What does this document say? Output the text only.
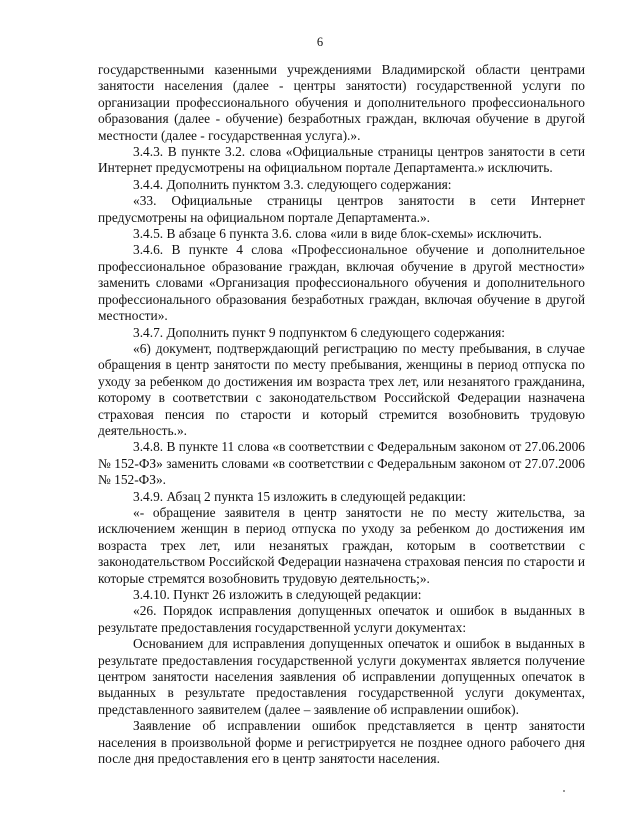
6

государственными казенными учреждениями Владимирской области центрами занятости населения (далее - центры занятости) государственной услуги по организации профессионального обучения и дополнительного профессионального образования (далее - обучение) безработных граждан, включая обучение в другой местности (далее - государственная услуга).».

3.4.3. В пункте 3.2. слова «Официальные страницы центров занятости в сети Интернет предусмотрены на официальном портале Департамента.» исключить.

3.4.4. Дополнить пунктом 3.3. следующего содержания:

«33. Официальные страницы центров занятости в сети Интернет предусмотрены на официальном портале Департамента.».

3.4.5. В абзаце 6 пункта 3.6. слова «или в виде блок-схемы» исключить.

3.4.6. В пункте 4 слова «Профессиональное обучение и дополнительное профессиональное образование граждан, включая обучение в другой местности» заменить словами «Организация профессионального обучения и дополнительного профессионального образования безработных граждан, включая обучение в другой местности».

3.4.7. Дополнить пункт 9 подпунктом 6 следующего содержания:

«6) документ, подтверждающий регистрацию по месту пребывания, в случае обращения в центр занятости по месту пребывания, женщины в период отпуска по уходу за ребенком до достижения им возраста трех лет, или незанятого гражданина, которому в соответствии с законодательством Российской Федерации назначена страховая пенсия по старости и который стремится возобновить трудовую деятельность.».

3.4.8. В пункте 11 слова «в соответствии с Федеральным законом от 27.06.2006 № 152-ФЗ» заменить словами «в соответствии с Федеральным законом от 27.07.2006 № 152-ФЗ».

3.4.9. Абзац 2 пункта 15 изложить в следующей редакции:

«- обращение заявителя в центр занятости не по месту жительства, за исключением женщин в период отпуска по уходу за ребенком до достижения им возраста трех лет, или незанятых граждан, которым в соответствии с законодательством Российской Федерации назначена страховая пенсия по старости и которые стремятся возобновить трудовую деятельность;».

3.4.10. Пункт 26 изложить в следующей редакции:

«26. Порядок исправления допущенных опечаток и ошибок в выданных в результате предоставления государственной услуги документах:

Основанием для исправления допущенных опечаток и ошибок в выданных в результате предоставления государственной услуги документах является получение центром занятости населения заявления об исправлении допущенных опечаток в выданных в результате предоставления государственной услуги документах, представленного заявителем (далее – заявление об исправлении ошибок).

Заявление об исправлении ошибок представляется в центр занятости населения в произвольной форме и регистрируется не позднее одного рабочего дня после дня предоставления его в центр занятости населения.
